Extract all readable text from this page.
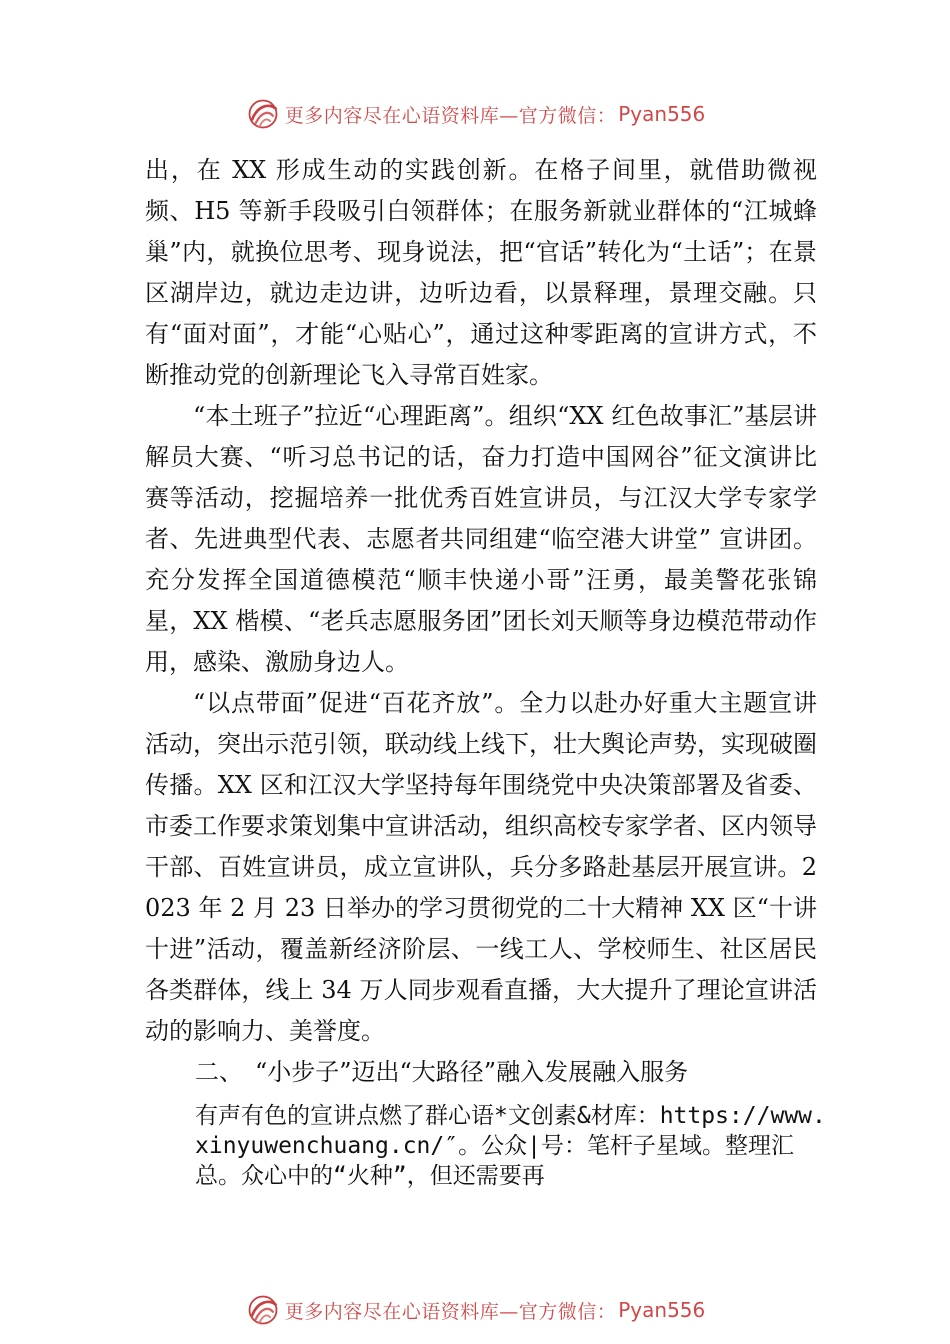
更多内容尽在心语资料库—官方微信： Pyan556

出，在 XX 形成生动的实践创新。在格子间里，就借助微视频、H5 等新手段吸引白领群体；在服务新就业群体的“江城蜂巢”内，就换位思考、现身说法，把“官话”转化为“土话”；在景区湖岸边，就边走边讲，边听边看，以景释理，景理交融。只有“面对面”，才能“心贴心”，通过这种零距离的宣讲方式，不断推动党的创新理论飞入寻常百姓家。

“本土班子”拉近“心理距离”。组织“XX 红色故事汇”基层讲解员大赛、“听习总书记的话，奋力打造中国网谷”征文演讲比赛等活动，挖掘培养一批优秀百姓宣讲员，与江汉大学专家学者、先进典型代表、志愿者共同组建“临空港大讲堂” 宣讲团。充分发挥全国道德模范“顺丰快递小哥”汪勇，最美警花张锦星，XX 楷模、“老兵志愿服务团”团长刘天顺等身边模范带动作用，感染、激励身边人。

“以点带面”促进“百花齐放”。全力以赴办好重大主题宣讲活动，突出示范引领，联动线上线下，壮大舆论声势，实现破圈传播。XX 区和江汉大学坚持每年围绕党中央决策部署及省委、市委工作要求策划集中宣讲活动，组织高校专家学者、区内领导干部、百姓宣讲员，成立宣讲队，兵分多路赴基层开展宣讲。2023 年 2 月 23 日举办的学习贯彻党的二十大精神 XX 区“十讲十进”活动，覆盖新经济阶层、一线工人、学校师生、社区居民各类群体，线上 34 万人同步观看直播，大大提升了理论宣讲活动的影响力、美誉度。

二、　“小步子”迈出“大路径”融入发展融入服务

有声有色的宣讲点燃了群心语*文创素&材库：https://www.xinyuwenchuang.cn/″。公众|号：笔杆子星域。整理汇总。众心中的“火种”，但还需要再

更多内容尽在心语资料库—官方微信： Pyan556
